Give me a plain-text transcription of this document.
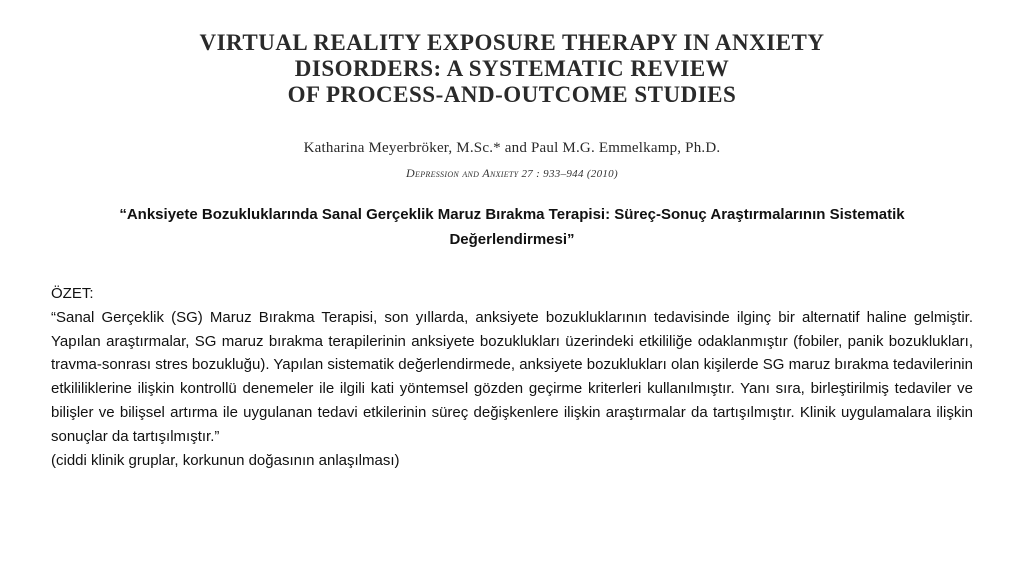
VIRTUAL REALITY EXPOSURE THERAPY IN ANXIETY
DISORDERS: A SYSTEMATIC REVIEW
OF PROCESS-AND-OUTCOME STUDIES
Katharina Meyerbröker, M.Sc.* and Paul M.G. Emmelkamp, Ph.D.
Depression and Anxiety 27 : 933–944 (2010)
“Anksiyete Bozukluklarında Sanal Gerçeklik Maruz Bırakma Terapisi: Süreç-Sonuç Araştırmalarının Sistematik Değerlendirmesi”
ÖZET:
“Sanal Gerçeklik (SG) Maruz Bırakma Terapisi, son yıllarda, anksiyete bozukluklarının tedavisinde ilginç bir alternatif haline gelmiştir. Yapılan araştırmalar, SG maruz bırakma terapilerinin anksiyete bozuklukları üzerindeki etkililiğe odaklanmıştır (fobiler, panik bozuklukları, travma-sonrası stres bozukluğu). Yapılan sistematik değerlendirmede, anksiyete bozuklukları olan kişilerde SG maruz bırakma tedavilerinin etkililiklerine ilişkin kontrollü denemeler ile ilgili kati yöntemsel gözden geçirme kriterleri kullanılmıştır. Yanı sıra, birleştirilmiş tedaviler ve bilişler ve bilişsel artırma ile uygulanan tedavi etkilerinin süreç değişkenlere ilişkin araştırmalar da tartışılmıştır. Klinik uygulamalara ilişkin sonuçlar da tartışılmıştır.”
(ciddi klinik gruplar, korkunun doğasının anlaşılması)
